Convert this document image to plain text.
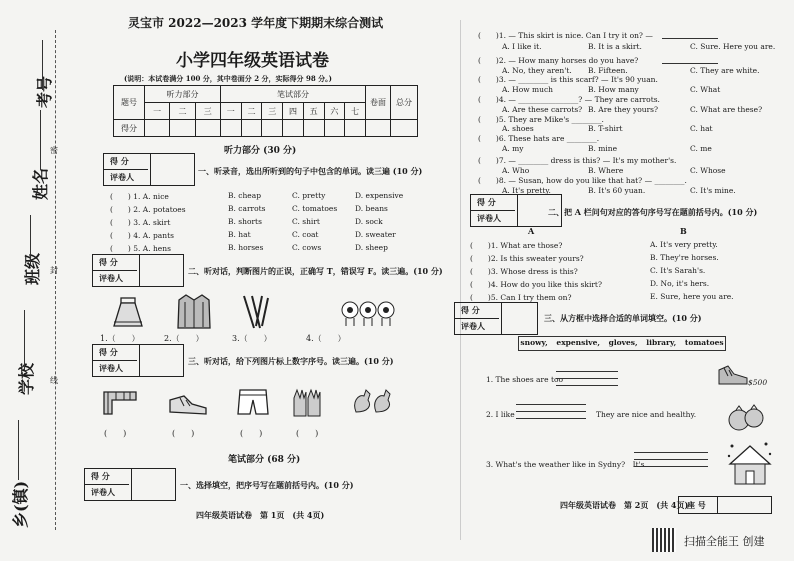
考号
姓名
班级
学校
乡(镇)
密
封
线
灵宝市 2022—2023 学年度下期期末综合测试
小学四年级英语试卷
(说明：本试卷满分 100 分，其中卷面分 2 分，实际得分 98 分。)
题号	听力部分			笔试部分							卷面	总分
	一	二	三	一	二	三	四	五	六	七		
得分												
听力部分 (30 分)
得 分
评卷人
一、听录音，选出所听到的句子中包含的单词。读三遍 (10 分)
(　　) 1. A. nice	B. cheap	C. pretty	D. expensive
(　　) 2. A. potatoes	B. carrots	C. tomatoes D. beans
(　　) 3. A. skirt	B. shorts	C. shirt	D. sock
(　　) 4. A. pants	B. hat	C. coat	D. sweater
(　　) 5. A. hens	B. horses	C. cows	D. sheep
得 分
评卷人
二、听对话，判断图片的正误，正确写 T，错误写 F。读三遍。(10 分)
1.（　　）	2.（　　）	3.（　　）	4.（　　）
得 分
评卷人
三、听对话，给下列图片标上数字序号。读三遍。(10 分)
(　　)	(　　)	(　　)	(　　)
笔试部分 (68 分)
得 分
评卷人
一、选择填空，把序号写在题前括号内。(10 分)
四年级英语试卷　第 1页　(共 4页)
(　　)1. — This skirt is nice. Can I try it on? —
A. I like it.	B. It is a skirt.	C. Sure. Here you are.
(　　)2. — How many horses do you have?
A. No, they aren't. B. Fifteen.	C. They are white.
(　　)3. — ________ is this scarf? — It's 90 yuan.
A. How much	B. How many	C. What
(　　)4. — ________________? — They are carrots.
A. Are these carrots? B. Are they yours?	C. What are these?
(　　)5. They are Mike's ________.
A. shoes	B. T-shirt	C. hat
(　　)6. These hats are ________.
A. my	B. mine	C. me
(　　)7. — ________ dress is this? — It's my mother's.
A. Who	B. Where	C. Whose
(　　)8. — Susan, how do you like that hat? — ________.
A. It's pretty.	B. It's 60 yuan.	C. It's mine.
得 分
评卷人
二、把 A 栏问句对应的答句序号写在题前括号内。(10 分)
A	B
(　　)1. What are those?	A. It's very pretty.
(　　)2. Is this sweater yours?	B. They're horses.
(　　)3. Whose dress is this?	C. It's Sarah's.
(　　)4. How do you like this skirt?	D. No, it's hers.
(　　)5. Can I try them on?	E. Sure, here you are.
得 分
评卷人
三、从方框中选择合适的单词填空。(10 分)
snowy, expensive, gloves, library, tomatoes
1. The shoes are too	$500
2. I like	They are nice and healthy.
3. What's the weather like in Sydny?　It's
四年级英语试卷　第 2页　(共 4页)
座 号
扫描全能王 创建
